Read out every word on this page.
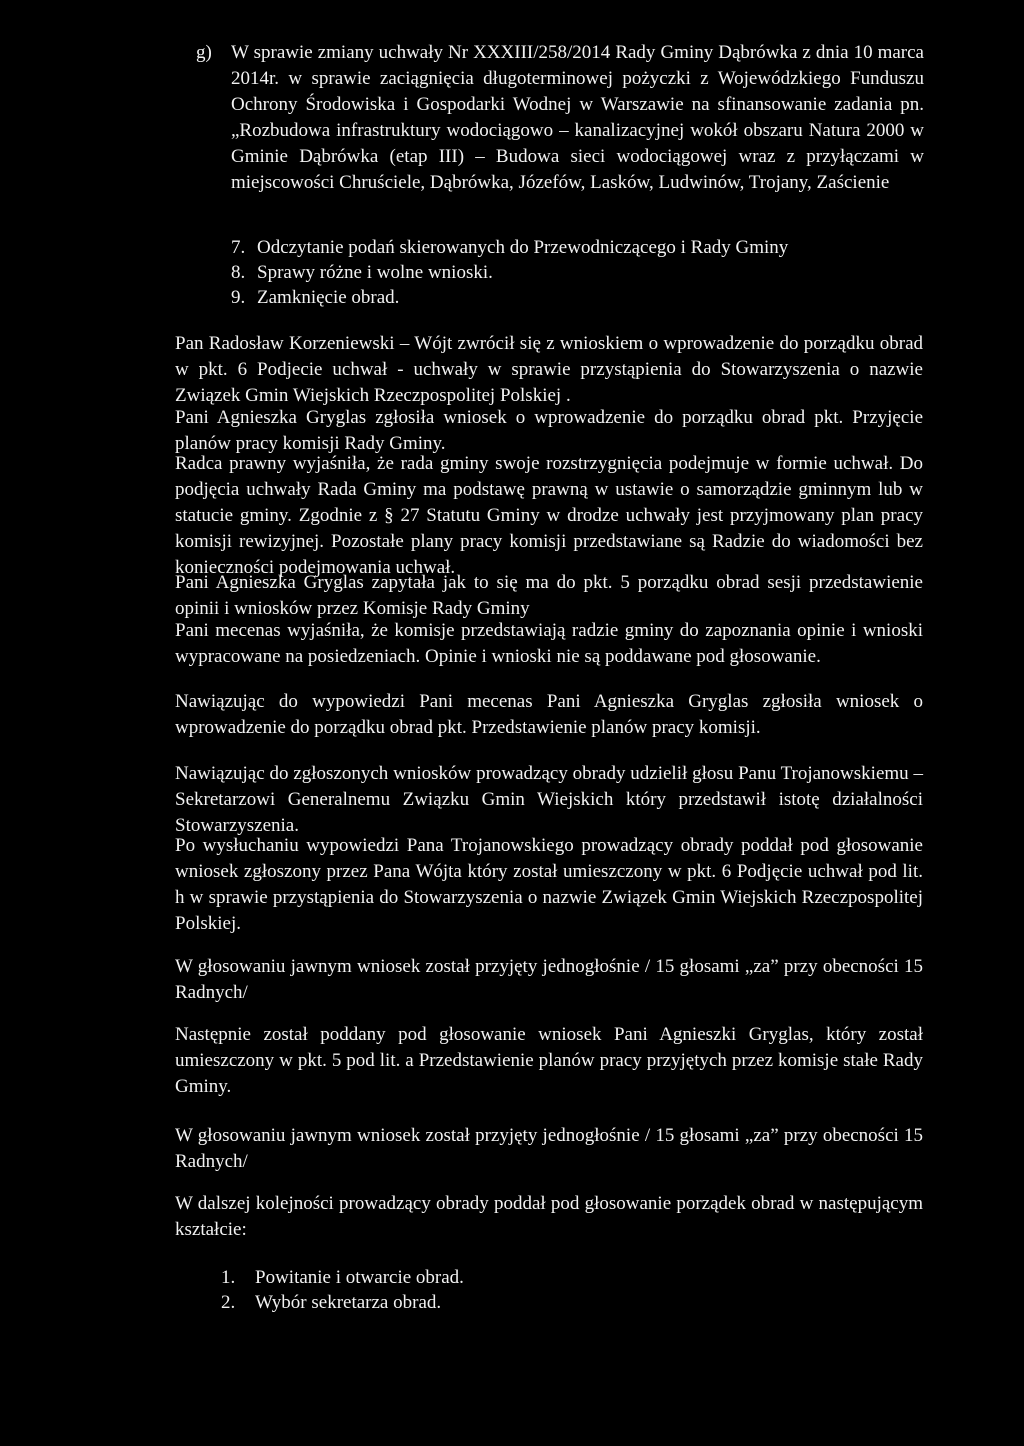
g) W sprawie zmiany uchwały Nr XXXIII/258/2014 Rady Gminy Dąbrówka z dnia 10 marca 2014r. w sprawie zaciągnięcia długoterminowej pożyczki z Wojewódzkiego Funduszu Ochrony Środowiska i Gospodarki Wodnej w Warszawie na sfinansowanie zadania pn. „Rozbudowa infrastruktury wodociągowo – kanalizacyjnej wokół obszaru Natura 2000 w Gminie Dąbrówka (etap III) – Budowa sieci wodociągowej wraz z przyłączami w miejscowości Chruściele, Dąbrówka, Józefów, Lasków, Ludwinów, Trojany, Zaścienie

7. Odczytanie podań skierowanych do Przewodniczącego i Rady Gminy
8. Sprawy różne i wolne wnioski.
9. Zamknięcie obrad.

Pan Radosław Korzeniewski – Wójt zwrócił się z wnioskiem o wprowadzenie do porządku obrad w pkt. 6 Podjecie uchwał - uchwały w sprawie przystąpienia do Stowarzyszenia o nazwie Związek Gmin Wiejskich Rzeczpospolitej Polskiej .

Pani Agnieszka Gryglas zgłosiła wniosek o wprowadzenie do porządku obrad pkt. Przyjęcie planów pracy komisji Rady Gminy.

Radca prawny wyjaśniła, że rada gminy swoje rozstrzygnięcia podejmuje w formie uchwał. Do podjęcia uchwały Rada Gminy ma podstawę prawną w ustawie o samorządzie gminnym lub w statucie gminy. Zgodnie z § 27 Statutu Gminy w drodze uchwały jest przyjmowany plan pracy komisji rewizyjnej. Pozostałe plany pracy komisji przedstawiane są Radzie do wiadomości bez konieczności podejmowania uchwał.

Pani Agnieszka Gryglas zapytała jak to się ma do pkt. 5 porządku obrad sesji przedstawienie opinii i wniosków przez Komisje Rady Gminy

Pani mecenas wyjaśniła, że komisje przedstawiają radzie gminy do zapoznania opinie i wnioski wypracowane na posiedzeniach. Opinie i wnioski nie są poddawane pod głosowanie.

Nawiązując do wypowiedzi Pani mecenas Pani Agnieszka Gryglas zgłosiła wniosek o wprowadzenie do porządku obrad pkt. Przedstawienie planów pracy komisji.

Nawiązując do zgłoszonych wniosków prowadzący obrady udzielił głosu Panu Trojanowskiemu – Sekretarzowi Generalnemu Związku Gmin Wiejskich który przedstawił istotę działalności Stowarzyszenia.

Po wysłuchaniu wypowiedzi Pana Trojanowskiego prowadzący obrady poddał pod głosowanie wniosek zgłoszony przez Pana Wójta który został umieszczony w pkt. 6 Podjęcie uchwał pod lit. h w sprawie przystąpienia do Stowarzyszenia o nazwie Związek Gmin Wiejskich Rzeczpospolitej Polskiej.

W głosowaniu jawnym wniosek został przyjęty jednogłośnie / 15 głosami „za” przy obecności 15 Radnych/

Następnie został poddany pod głosowanie wniosek Pani Agnieszki Gryglas, który został umieszczony w pkt. 5 pod lit. a Przedstawienie planów pracy przyjętych przez komisje stałe Rady Gminy.

W głosowaniu jawnym wniosek został przyjęty jednogłośnie / 15 głosami „za” przy obecności 15 Radnych/

W dalszej kolejności prowadzący obrady poddał pod głosowanie porządek obrad w następującym kształcie:

1. Powitanie i otwarcie obrad.
2. Wybór sekretarza obrad.
